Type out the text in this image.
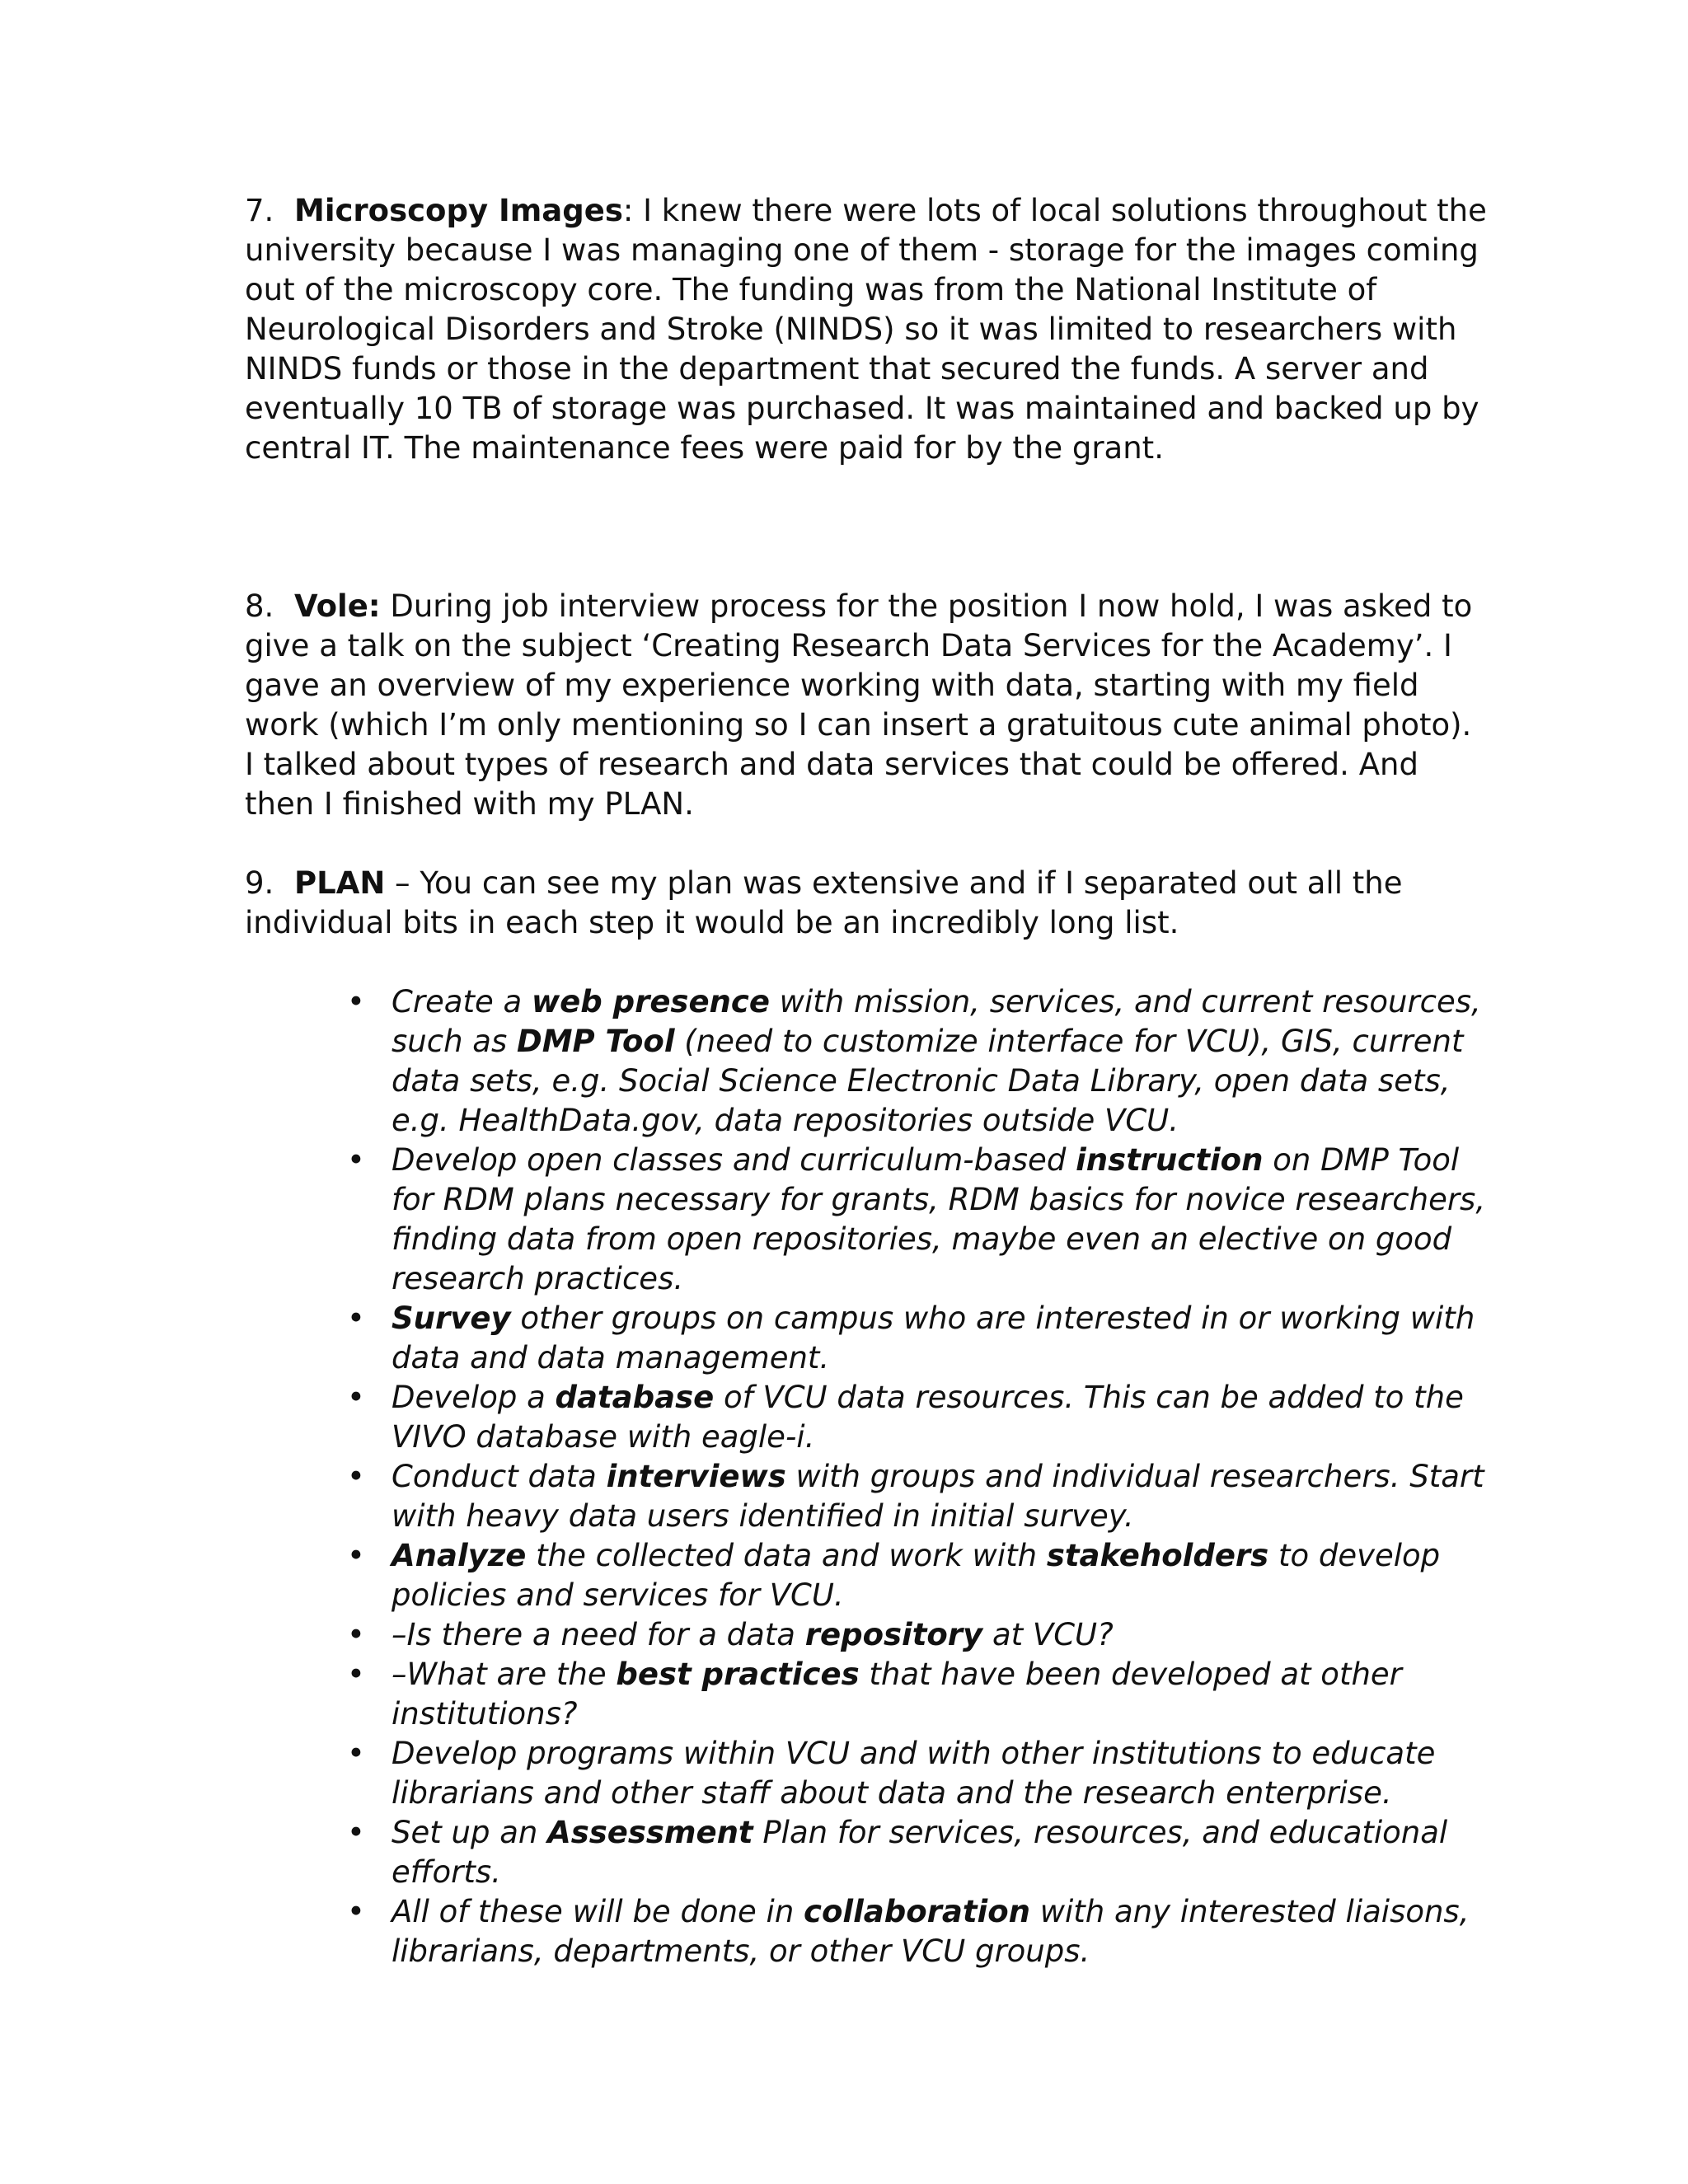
7. Microscopy Images: I knew there were lots of local solutions throughout the university because I was managing one of them - storage for the images coming out of the microscopy core. The funding was from the National Institute of Neurological Disorders and Stroke (NINDS) so it was limited to researchers with NINDS funds or those in the department that secured the funds. A server and eventually 10 TB of storage was purchased. It was maintained and backed up by central IT. The maintenance fees were paid for by the grant.

8. Vole: During job interview process for the position I now hold, I was asked to give a talk on the subject ‘Creating Research Data Services for the Academy’. I gave an overview of my experience working with data, starting with my field work (which I’m only mentioning so I can insert a gratuitous cute animal photo). I talked about types of research and data services that could be offered. And then I finished with my PLAN.

9. PLAN – You can see my plan was extensive and if I separated out all the individual bits in each step it would be an incredibly long list.

• Create a web presence with mission, services, and current resources, such as DMP Tool (need to customize interface for VCU), GIS, current data sets, e.g. Social Science Electronic Data Library, open data sets, e.g. HealthData.gov, data repositories outside VCU.
• Develop open classes and curriculum-based instruction on DMP Tool for RDM plans necessary for grants, RDM basics for novice researchers, finding data from open repositories, maybe even an elective on good research practices.
• Survey other groups on campus who are interested in or working with data and data management.
• Develop a database of VCU data resources. This can be added to the VIVO database with eagle-i.
• Conduct data interviews with groups and individual researchers. Start with heavy data users identified in initial survey.
• Analyze the collected data and work with stakeholders to develop policies and services for VCU.
• –Is there a need for a data repository at VCU?
• –What are the best practices that have been developed at other institutions?
• Develop programs within VCU and with other institutions to educate librarians and other staff about data and the research enterprise.
• Set up an Assessment Plan for services, resources, and educational efforts.
• All of these will be done in collaboration with any interested liaisons, librarians, departments, or other VCU groups.
